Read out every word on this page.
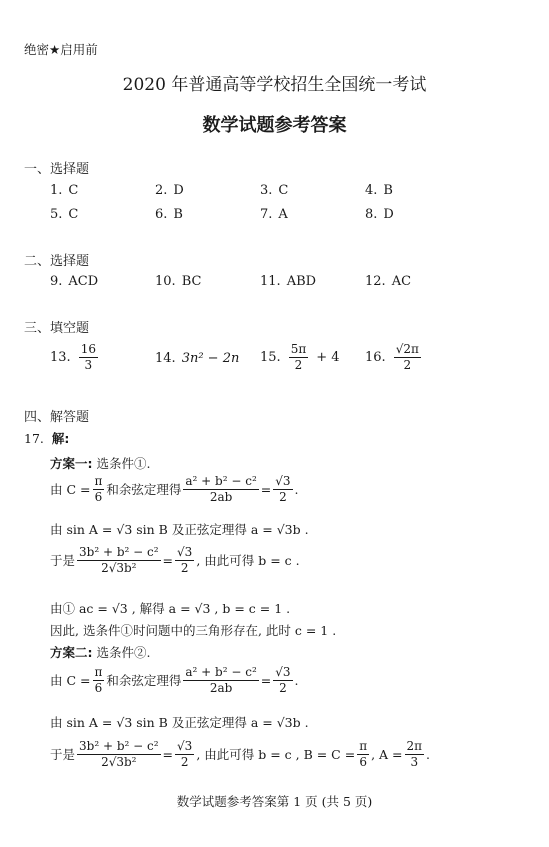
绝密★启用前
2020 年普通高等学校招生全国统一考试
数学试题参考答案
一、选择题
1. C	2. D	3. C	4. B
5. C	6. B	7. A	8. D
二、选择题
9. ACD	10. BC	11. ABD	12. AC
三、填空题
13. $\frac{16}{3}$	14. 3n² − 2n 15. $\frac{5\pi}{2} + 4$ 16. $\frac{√2\pi}{2}$
四、解答题
17.
解:
方案一:
选条件①.
由 $C = \frac{\pi}{6}$ 和余弦定理得 $\frac{\text{a² + b² − c²}}{2ab} = \frac{√3}{2}$ .
由 sin A = √3 sin B 及正弦定理得 a = √3b .
于是 $\frac{\text{3b² + b² − c²}}{\text{2√3b²}} = \frac{√3}{2}$ , 由此可得 b = c .
由① ac = √3 , 解得 a = √3 , b = c = 1 .
因此, 选条件①时问题中的三角形存在, 此时 c = 1 .
方案二:
选条件②.
由 $C = \frac{\pi}{6}$ 和余弦定理得 $\frac{\text{a² + b² − c²}}{2ab} = \frac{√3}{2}$ .
由 sin A = √3 sin B 及正弦定理得 a = √3b .
于是 $\frac{\text{3b² + b² − c²}}{\text{2√3b²}} = \frac{√3}{2}$ , 由此可得 b = c , $B = C = \frac{\pi}{6}$ , $A = \frac{2\pi}{3}$ .
数学试题参考答案第 1 页 (共 5 页)
